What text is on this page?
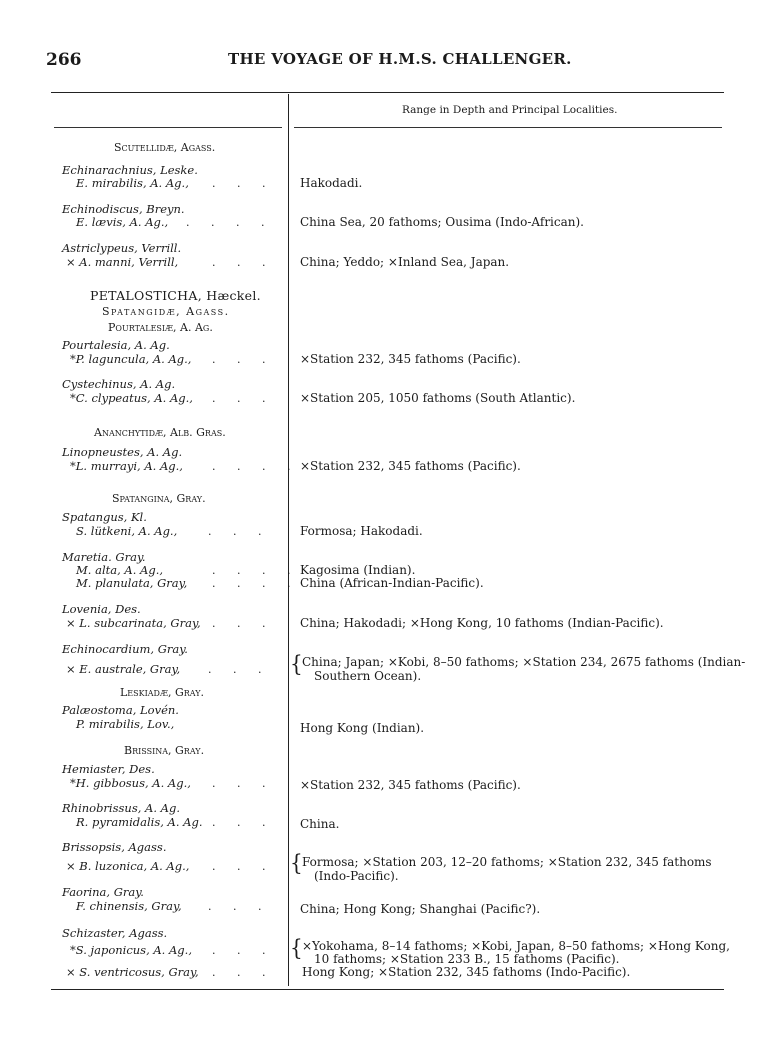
266	THE VOYAGE OF H.M.S. CHALLENGER.
Range in Depth and Principal Localities.
Scutellidæ, Agass.
Echinarachnius, Leske.
E. mirabilis, A. Ag., . . . Hakodadi.
Echinodiscus, Breyn.
E. lævis, A. Ag., . . . . China Sea, 20 fathoms; Ousima (Indo-African).
Astriclypeus, Verrill.
× A. manni, Verrill,	. . . China; Yeddo; ×Inland Sea, Japan.
PETALOSTICHA, Hæckel.
Spatangidæ, Agass.
Pourtalesiæ, A. Ag.
Pourtalesia, A. Ag.
*P. laguncula, A. Ag., . . . ×Station 232, 345 fathoms (Pacific).
Cystechinus, A. Ag.
*C. clypeatus, A. Ag., . . . ×Station 205, 1050 fathoms (South Atlantic).
Ananchytidæ, Alb. Gras.
Linopneustes, A. Ag.
*L. murrayi, A. Ag.,	. . . . ×Station 232, 345 fathoms (Pacific).
Spatangina, Gray.
Spatangus, Kl.
S. lütkeni, A. Ag.,	. . . Formosa; Hakodadi.
Maretia. Gray.
M. alta, A. Ag.,	. . . . Kagosima (Indian).
M. planulata, Gray, . . . . China (African-Indian-Pacific).
Lovenia, Des.
× L. subcarinata, Gray, . . . China; Hakodadi; ×Hong Kong, 10 fathoms (Indian-Pacific).
Echinocardium, Gray.
× E. australe, Gray,	. . . { China; Japan; ×Kobi, 8–50 fathoms; ×Station 234, 2675 fathoms (Indian-
Southern Ocean).
Leskiadæ, Gray.
Palæostoma, Lovén.
P. mirabilis, Lov.,	Hong Kong (Indian).
Brissina, Gray.
Hemiaster, Des.
*H. gibbosus, A. Ag., . . . ×Station 232, 345 fathoms (Pacific).
Rhinobrissus, A. Ag.
R. pyramidalis, A. Ag. . . . China.
Brissopsis, Agass.
× B. luzonica, A. Ag., . . . { Formosa; ×Station 203, 12–20 fathoms; ×Station 232, 345 fathoms
(Indo-Pacific).
Faorina, Gray.
F. chinensis, Gray, . . . China; Hong Kong; Shanghai (Pacific?).
Schizaster, Agass.
*S. japonicus, A. Ag., . . . { ×Yokohama, 8–14 fathoms; ×Kobi, Japan, 8–50 fathoms; ×Hong Kong,
10 fathoms; ×Station 233 B., 15 fathoms (Pacific).
× S. ventricosus, Gray, . . . Hong Kong; ×Station 232, 345 fathoms (Indo-Pacific).
